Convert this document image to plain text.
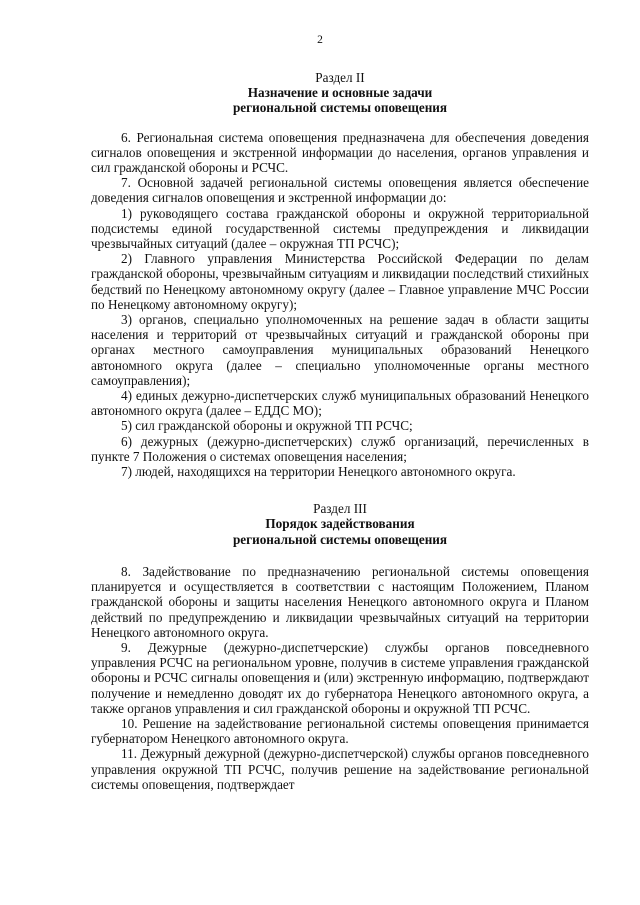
2
Раздел II
Назначение и основные задачи
региональной системы оповещения

6. Региональная система оповещения предназначена для обеспечения доведения сигналов оповещения и экстренной информации до населения, органов управления и сил гражданской обороны и РСЧС.

7. Основной задачей региональной системы оповещения является обеспечение доведения сигналов оповещения и экстренной информации до:

1) руководящего состава гражданской обороны и окружной территориальной подсистемы единой государственной системы предупреждения и ликвидации чрезвычайных ситуаций (далее – окружная ТП РСЧС);

2) Главного управления Министерства Российской Федерации по делам гражданской обороны, чрезвычайным ситуациям и ликвидации последствий стихийных бедствий по Ненецкому автономному округу (далее – Главное управление МЧС России по Ненецкому автономному округу);

3) органов, специально уполномоченных на решение задач в области защиты населения и территорий от чрезвычайных ситуаций и гражданской обороны при органах местного самоуправления муниципальных образований Ненецкого автономного округа (далее – специально уполномоченные органы местного самоуправления);

4) единых дежурно-диспетчерских служб муниципальных образований Ненецкого автономного округа (далее – ЕДДС МО);

5) сил гражданской обороны и окружной ТП РСЧС;

6) дежурных (дежурно-диспетчерских) служб организаций, перечисленных в пункте 7 Положения о системах оповещения населения;

7) людей, находящихся на территории Ненецкого автономного округа.

Раздел III
Порядок задействования
региональной системы оповещения

8. Задействование по предназначению региональной системы оповещения планируется и осуществляется в соответствии с настоящим Положением, Планом гражданской обороны и защиты населения Ненецкого автономного округа и Планом действий по предупреждению и ликвидации чрезвычайных ситуаций на территории Ненецкого автономного округа.

9. Дежурные (дежурно-диспетчерские) службы органов повседневного управления РСЧС на региональном уровне, получив в системе управления гражданской обороны и РСЧС сигналы оповещения и (или) экстренную информацию, подтверждают получение и немедленно доводят их до губернатора Ненецкого автономного округа, а также органов управления и сил гражданской обороны и окружной ТП РСЧС.

10. Решение на задействование региональной системы оповещения принимается губернатором Ненецкого автономного округа.

11. Дежурный дежурной (дежурно-диспетчерской) службы органов повседневного управления окружной ТП РСЧС, получив решение на задействование региональной системы оповещения, подтверждает
